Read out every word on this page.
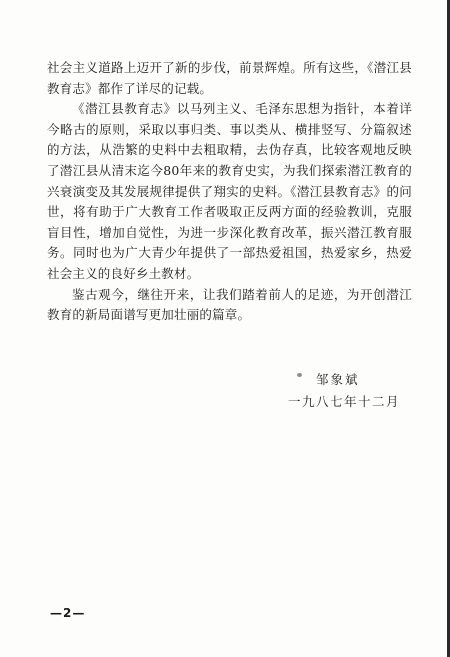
社会主义道路上迈开了新的步伐，前景辉煌。所有这些，《潜江县教育志》都作了详尽的记载。

《潜江县教育志》以马列主义、毛泽东思想为指针，本着详今略古的原则，采取以事归类、事以类从、横排竖写、分篇叙述的方法，从浩繁的史料中去粗取精，去伪存真，比较客观地反映了潜江县从清末迄今80年来的教育史实，为我们探索潜江教育的兴衰演变及其发展规律提供了翔实的史料。《潜江县教育志》的问世，将有助于广大教育工作者吸取正反两方面的经验教训，克服盲目性，增加自觉性，为进一步深化教育改革，振兴潜江教育服务。同时也为广大青少年提供了一部热爱祖国，热爱家乡，热爱社会主义的良好乡土教材。

鉴古观今，继往开来，让我们踏着前人的足迹，为开创潜江教育的新局面谱写更加壮丽的篇章。

邹象斌
一九八七年十二月
—2—
